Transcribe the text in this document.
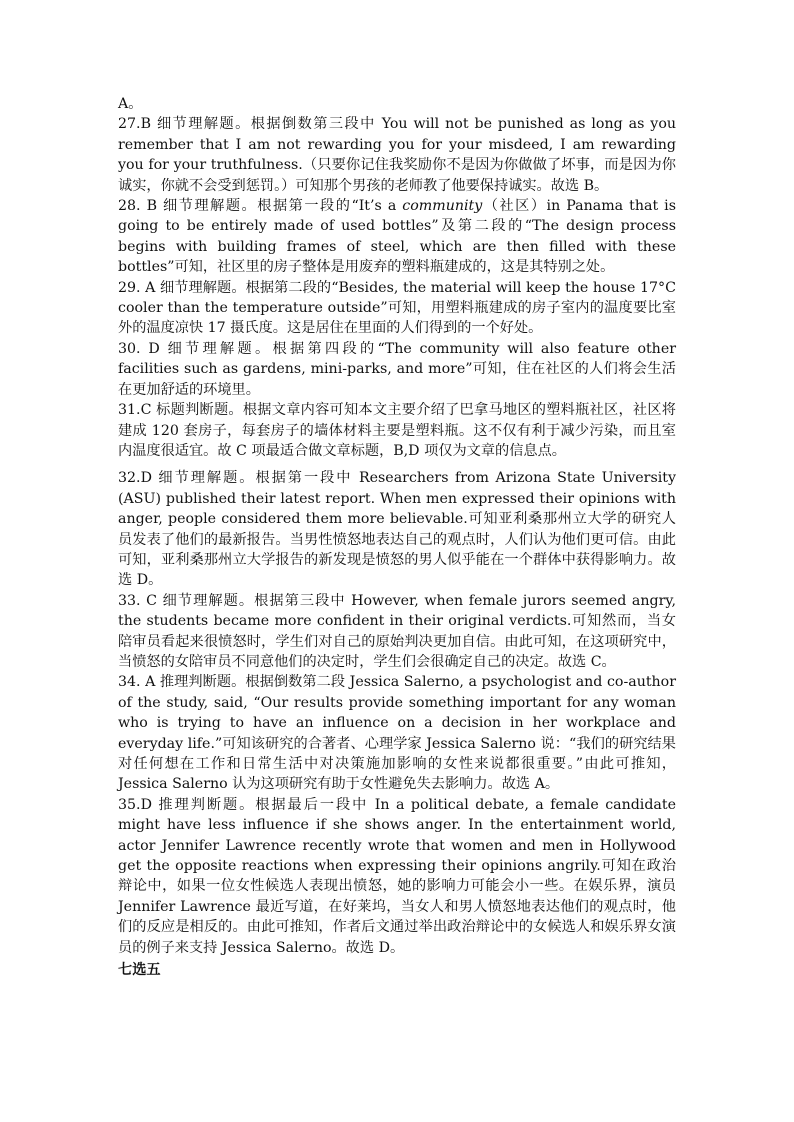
A。

27.B 细节理解题。根据倒数第三段中 You will not be punished as long as you remember that I am not rewarding you for your misdeed, I am rewarding you for your truthfulness.（只要你记住我奖励你不是因为你做做了坏事，而是因为你诚实，你就不会受到惩罚。）可知那个男孩的老师教了他要保持诚实。故选 B。

28. B 细节理解题。根据第一段的“It’s a community（社区）in Panama that is going to be entirely made of used bottles”及第二段的“The design process begins with building frames of steel, which are then filled with these bottles”可知，社区里的房子整体是用废弃的塑料瓶建成的，这是其特别之处。

29. A 细节理解题。根据第二段的“Besides, the material will keep the house 17°C cooler than the temperature outside”可知，用塑料瓶建成的房子室内的温度要比室外的温度凉快 17 摄氏度。这是居住在里面的人们得到的一个好处。

30. D 细节理解题。根据第四段的“The community will also feature other facilities such as gardens, mini-parks, and more”可知，住在社区的人们将会生活在更加舒适的环境里。

31.C 标题判断题。根据文章内容可知本文主要介绍了巴拿马地区的塑料瓶社区，社区将建成 120 套房子，每套房子的墙体材料主要是塑料瓶。这不仅有利于减少污染，而且室内温度很适宜。故 C 项最适合做文章标题，B,D 项仅为文章的信息点。

32.D 细节理解题。根据第一段中 Researchers from Arizona State University (ASU) published their latest report. When men expressed their opinions with anger, people considered them more believable.可知亚利桑那州立大学的研究人员发表了他们的最新报告。当男性愤怒地表达自己的观点时，人们认为他们更可信。由此可知，亚利桑那州立大学报告的新发现是愤怒的男人似乎能在一个群体中获得影响力。故选 D。

33. C 细节理解题。根据第三段中 However, when female jurors seemed angry, the students became more confident in their original verdicts.可知然而，当女陪审员看起来很愤怒时，学生们对自己的原始判决更加自信。由此可知，在这项研究中，当愤怒的女陪审员不同意他们的决定时，学生们会很确定自己的决定。故选 C。

34. A 推理判断题。根据倒数第二段 Jessica Salerno, a psychologist and co-author of the study, said, “Our results provide something important for any woman who is trying to have an influence on a decision in her workplace and everyday life.”可知该研究的合著者、心理学家 Jessica Salerno 说：“我们的研究结果对任何想在工作和日常生活中对决策施加影响的女性来说都很重要。”由此可推知，Jessica Salerno 认为这项研究有助于女性避免失去影响力。故选 A。

35.D 推理判断题。根据最后一段中 In a political debate, a female candidate might have less influence if she shows anger. In the entertainment world, actor Jennifer Lawrence recently wrote that women and men in Hollywood get the opposite reactions when expressing their opinions angrily.可知在政治辩论中，如果一位女性候选人表现出愤怒，她的影响力可能会小一些。在娱乐界，演员 Jennifer Lawrence 最近写道，在好莱坞，当女人和男人愤怒地表达他们的观点时，他们的反应是相反的。由此可推知，作者后文通过举出政治辩论中的女候选人和娱乐界女演员的例子来支持 Jessica Salerno。故选 D。

七选五
